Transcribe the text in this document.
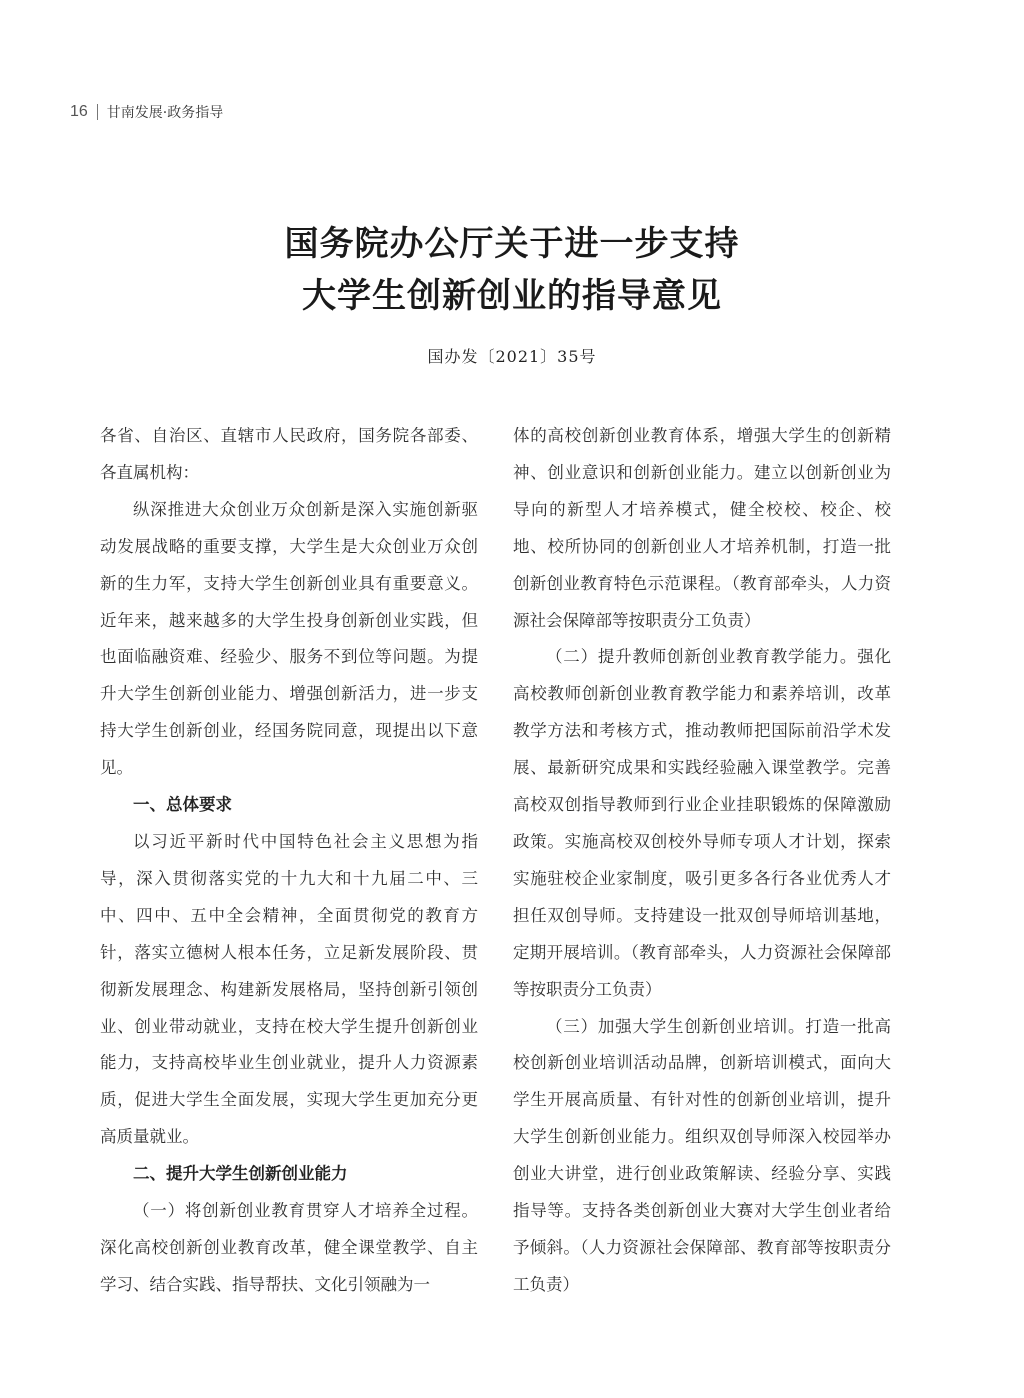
16 甘南发展·政务指导
国务院办公厅关于进一步支持
大学生创新创业的指导意见
国办发〔2021〕35号

各省、自治区、直辖市人民政府，国务院各部委、各直属机构：

纵深推进大众创业万众创新是深入实施创新驱动发展战略的重要支撑，大学生是大众创业万众创新的生力军，支持大学生创新创业具有重要意义。近年来，越来越多的大学生投身创新创业实践，但也面临融资难、经验少、服务不到位等问题。为提升大学生创新创业能力、增强创新活力，进一步支持大学生创新创业，经国务院同意，现提出以下意见。

一、总体要求

以习近平新时代中国特色社会主义思想为指导，深入贯彻落实党的十九大和十九届二中、三中、四中、五中全会精神，全面贯彻党的教育方针，落实立德树人根本任务，立足新发展阶段、贯彻新发展理念、构建新发展格局，坚持创新引领创业、创业带动就业，支持在校大学生提升创新创业能力，支持高校毕业生创业就业，提升人力资源素质，促进大学生全面发展，实现大学生更加充分更高质量就业。

二、提升大学生创新创业能力

（一）将创新创业教育贯穿人才培养全过程。深化高校创新创业教育改革，健全课堂教学、自主学习、结合实践、指导帮扶、文化引领融为一

体的高校创新创业教育体系，增强大学生的创新精神、创业意识和创新创业能力。建立以创新创业为导向的新型人才培养模式，健全校校、校企、校地、校所协同的创新创业人才培养机制，打造一批创新创业教育特色示范课程。（教育部牵头，人力资源社会保障部等按职责分工负责）

（二）提升教师创新创业教育教学能力。强化高校教师创新创业教育教学能力和素养培训，改革教学方法和考核方式，推动教师把国际前沿学术发展、最新研究成果和实践经验融入课堂教学。完善高校双创指导教师到行业企业挂职锻炼的保障激励政策。实施高校双创校外导师专项人才计划，探索实施驻校企业家制度，吸引更多各行各业优秀人才担任双创导师。支持建设一批双创导师培训基地，定期开展培训。（教育部牵头，人力资源社会保障部等按职责分工负责）

（三）加强大学生创新创业培训。打造一批高校创新创业培训活动品牌，创新培训模式，面向大学生开展高质量、有针对性的创新创业培训，提升大学生创新创业能力。组织双创导师深入校园举办创业大讲堂，进行创业政策解读、经验分享、实践指导等。支持各类创新创业大赛对大学生创业者给予倾斜。（人力资源社会保障部、教育部等按职责分工负责）
